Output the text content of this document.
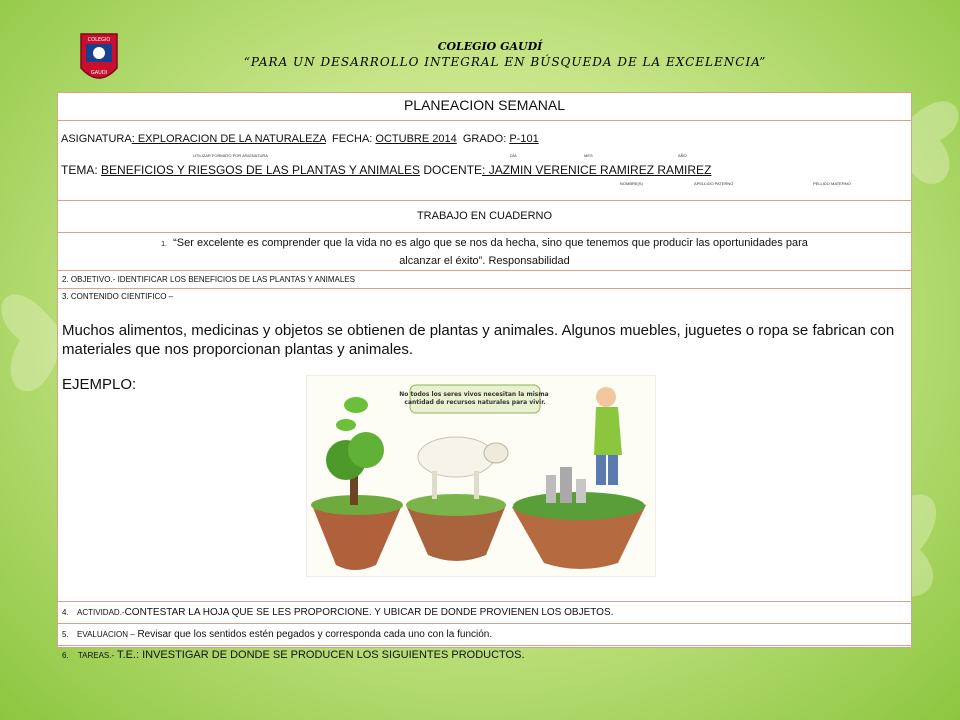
COLEGIO
GAUDI
COLEGIO GAUDÍ
“PARA UN DESARROLLO INTEGRAL EN BÚSQUEDA DE LA EXCELENCIA”
PLANEACION SEMANAL
ASIGNATURA: EXPLORACION DE LA NATURALEZA FECHA: OCTUBRE 2014 GRADO: P-101
UTILIZAR FORMATO POR ASIGNATURA	DÍA	MES	AÑO
TEMA: BENEFICIOS Y RIESGOS DE LAS PLANTAS Y ANIMALES DOCENTE: JAZMIN VERENICE RAMIREZ RAMIREZ
NOMBRE(S)	APELLIDO PATERNO	PELLIDO MATERNO
TRABAJO EN CUADERNO
1. “Ser excelente es comprender que la vida no es algo que se nos da hecha, sino que tenemos que producir las oportunidades para
alcanzar el éxito”. Responsabilidad
2. OBJETIVO.- IDENTIFICAR LOS BENEFICIOS DE LAS PLANTAS Y ANIMALES
3. CONTENIDO CIENTIFICO –
Muchos alimentos, medicinas y objetos se obtienen de plantas y animales. Algunos muebles, juguetes o ropa se fabrican con materiales que nos proporcionan plantas y animales.
EJEMPLO:
No todos los seres vivos necesitan la misma cantidad de recursos naturales para vivir.
4. ACTIVIDAD.-CONTESTAR LA HOJA QUE SE LES PROPORCIONE. Y UBICAR DE DONDE PROVIENEN LOS OBJETOS.
5. EVALUACION – Revisar que los sentidos estén pegados y corresponda cada uno con la función.
6. TAREAS.- T.E.: INVESTIGAR DE DONDE SE PRODUCEN LOS SIGUIENTES PRODUCTOS.
